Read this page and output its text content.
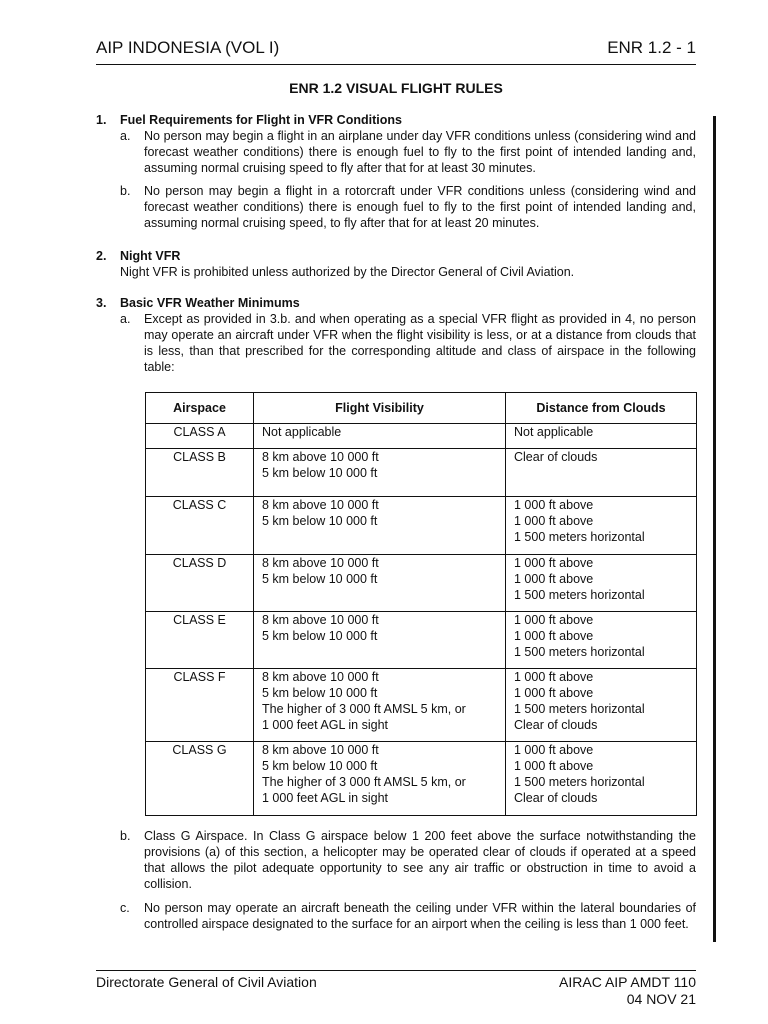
AIP INDONESIA (VOL I)	ENR 1.2 - 1
ENR 1.2 VISUAL FLIGHT RULES
1.	Fuel Requirements for Flight in VFR Conditions
a.	No person may begin a flight in an airplane under day VFR conditions unless (considering wind and forecast weather conditions) there is enough fuel to fly to the first point of intended landing and, assuming normal cruising speed to fly after that for at least 30 minutes.
b.	No person may begin a flight in a rotorcraft under VFR conditions unless (considering wind and forecast weather conditions) there is enough fuel to fly to the first point of intended landing and, assuming normal cruising speed, to fly after that for at least 20 minutes.
2.	Night VFR
Night VFR is prohibited unless authorized by the Director General of Civil Aviation.
3.	Basic VFR Weather Minimums
a.	Except as provided in 3.b. and when operating as a special VFR flight as provided in 4, no person may operate an aircraft under VFR when the flight visibility is less, or at a distance from clouds that is less, than that prescribed for the corresponding altitude and class of airspace in the following table:
Airspace	Flight Visibility	Distance from Clouds
CLASS A	Not applicable	Not applicable

CLASS B	8 km above 10 000 ft
5 km below 10 000 ft	Clear of clouds

CLASS C	8 km above 10 000 ft
5 km below 10 000 ft	1 000 ft above
1 000 ft above
1 500 meters horizontal

CLASS D	8 km above 10 000 ft
5 km below 10 000 ft	1 000 ft above
1 000 ft above
1 500 meters horizontal

CLASS E	8 km above 10 000 ft
5 km below 10 000 ft	1 000 ft above
1 000 ft above
1 500 meters horizontal

CLASS F	8 km above 10 000 ft
5 km below 10 000 ft
The higher of 3 000 ft AMSL 5 km, or
1 000 feet AGL in sight	1 000 ft above
1 000 ft above
1 500 meters horizontal
Clear of clouds

CLASS G	8 km above 10 000 ft
5 km below 10 000 ft
The higher of 3 000 ft AMSL 5 km, or
1 000 feet AGL in sight	1 000 ft above
1 000 ft above
1 500 meters horizontal
Clear of clouds
b.	Class G Airspace. In Class G airspace below 1 200 feet above the surface notwithstanding the provisions (a) of this section, a helicopter may be operated clear of clouds if operated at a speed that allows the pilot adequate opportunity to see any air traffic or obstruction in time to avoid a collision.
c.	No person may operate an aircraft beneath the ceiling under VFR within the lateral boundaries of controlled airspace designated to the surface for an airport when the ceiling is less than 1 000 feet.
Directorate General of Civil Aviation	AIRAC AIP AMDT 110
04 NOV 21
